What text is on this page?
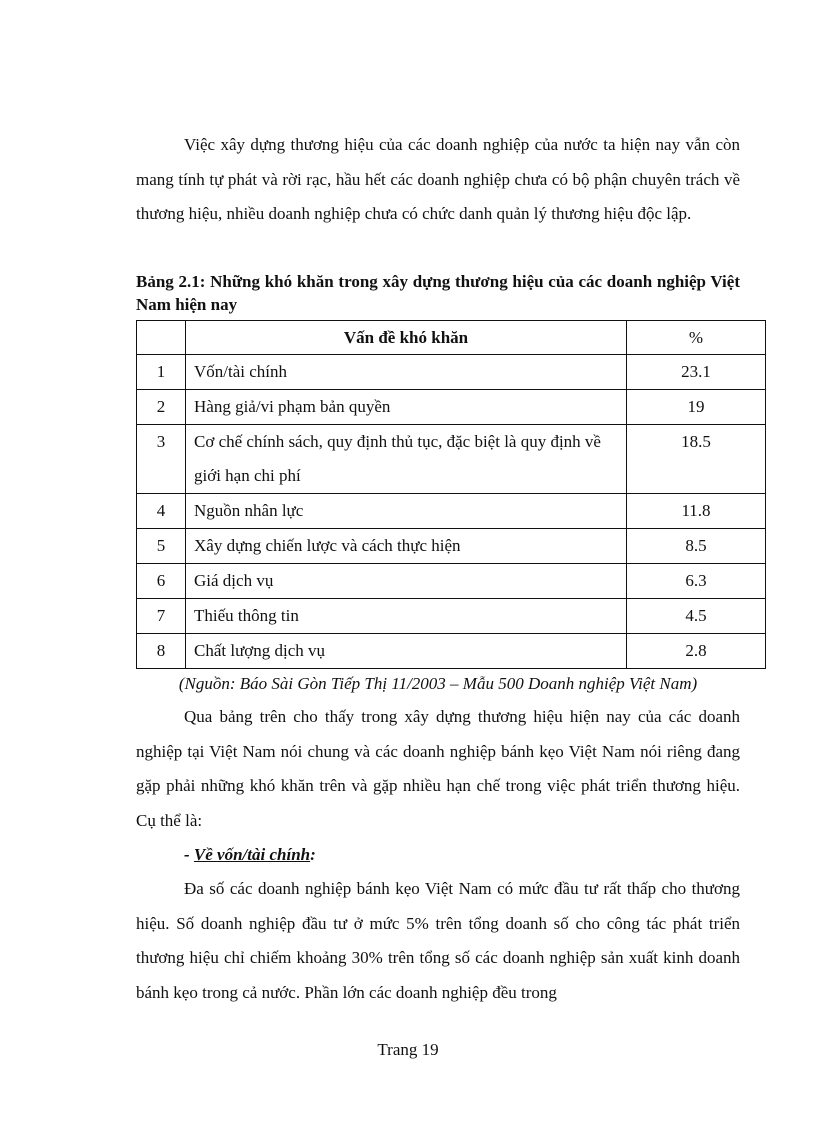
Việc xây dựng thương hiệu của các doanh nghiệp của nước ta hiện nay vẫn còn mang tính tự phát và rời rạc, hầu hết các doanh nghiệp chưa có bộ phận chuyên trách về thương hiệu, nhiều doanh nghiệp chưa có chức danh quản lý thương hiệu độc lập.

Bảng 2.1: Những khó khăn trong xây dựng thương hiệu của các doanh nghiệp Việt Nam hiện nay

	Vấn đề khó khăn	%
1	Vốn/tài chính	23.1
2	Hàng giả/vi phạm bản quyền	19
3	Cơ chế chính sách, quy định thủ tục, đặc biệt là quy định về giới hạn chi phí	18.5
4	Nguồn nhân lực	11.8
5	Xây dựng chiến lược và cách thực hiện	8.5
6	Giá dịch vụ	6.3
7	Thiếu thông tin	4.5
8	Chất lượng dịch vụ	2.8
(Nguồn: Báo Sài Gòn Tiếp Thị 11/2003 – Mẫu 500 Doanh nghiệp Việt Nam)

Qua bảng trên cho thấy trong xây dựng thương hiệu hiện nay của các doanh nghiệp tại Việt Nam nói chung và các doanh nghiệp bánh kẹo Việt Nam nói riêng đang gặp phải những khó khăn trên và gặp nhiều hạn chế trong việc phát triển thương hiệu. Cụ thể là:

- Về vốn/tài chính:

Đa số các doanh nghiệp bánh kẹo Việt Nam có mức đầu tư rất thấp cho thương hiệu. Số doanh nghiệp đầu tư ở mức 5% trên tổng doanh số cho công tác phát triển thương hiệu chỉ chiếm khoảng 30% trên tổng số các doanh nghiệp sản xuất kinh doanh bánh kẹo trong cả nước. Phần lớn các doanh nghiệp đều trong

Trang 19
